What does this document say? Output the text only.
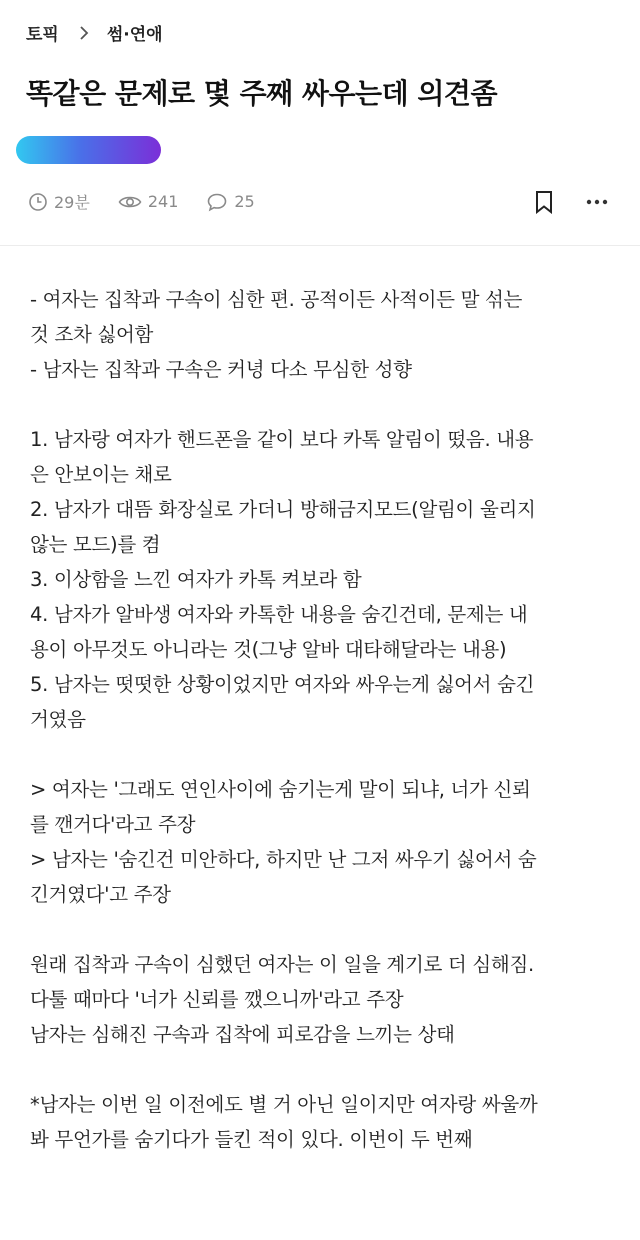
토픽	썸·연애
똑같은 문제로 몇 주째 싸우는데 의견좀
29분	241	25

- 여자는 집착과 구속이 심한 편. 공적이든 사적이든 말 섞는

것 조차 싫어함

- 남자는 집착과 구속은 커녕 다소 무심한 성향

1. 남자랑 여자가 핸드폰을 같이 보다 카톡 알림이 떴음. 내용

은 안보이는 채로

2. 남자가 대뜸 화장실로 가더니 방해금지모드(알림이 울리지

않는 모드)를 켬

3. 이상함을 느낀 여자가 카톡 켜보라 함

4. 남자가 알바생 여자와 카톡한 내용을 숨긴건데, 문제는 내

용이 아무것도 아니라는 것(그냥 알바 대타해달라는 내용)

5. 남자는 떳떳한 상황이었지만 여자와 싸우는게 싫어서 숨긴

거였음

> 여자는 '그래도 연인사이에 숨기는게 말이 되냐, 너가 신뢰

를 깬거다'라고 주장

> 남자는 '숨긴건 미안하다, 하지만 난 그저 싸우기 싫어서 숨

긴거였다'고 주장

원래 집착과 구속이 심했던 여자는 이 일을 계기로 더 심해짐.

다툴 때마다 '너가 신뢰를 깼으니까'라고 주장

남자는 심해진 구속과 집착에 피로감을 느끼는 상태

*남자는 이번 일 이전에도 별 거 아닌 일이지만 여자랑 싸울까

봐 무언가를 숨기다가 들킨 적이 있다. 이번이 두 번째
